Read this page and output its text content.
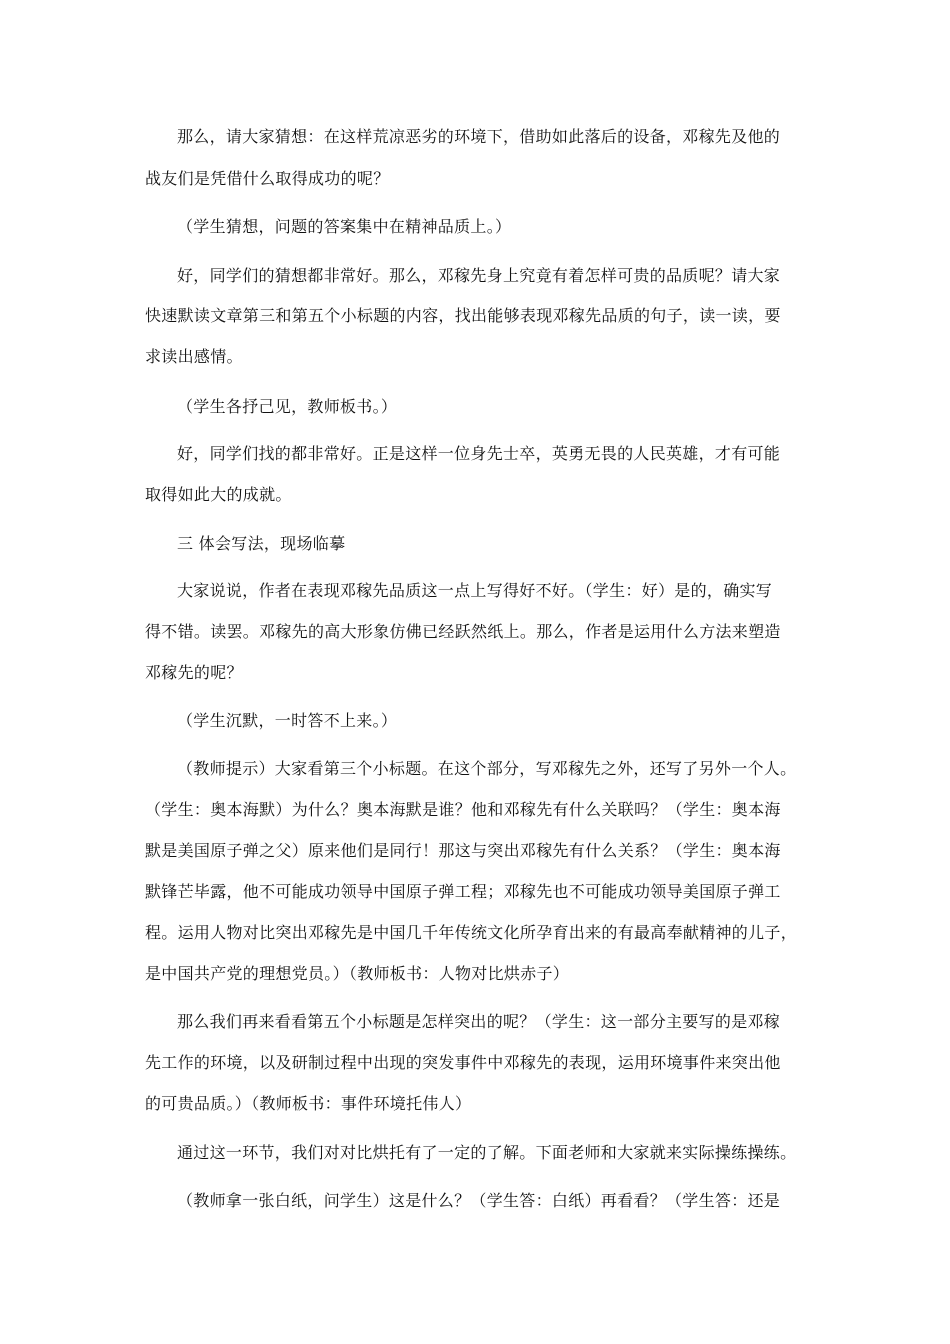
那么，请大家猜想：在这样荒凉恶劣的环境下，借助如此落后的设备，邓稼先及他的
战友们是凭借什么取得成功的呢？
（学生猜想，问题的答案集中在精神品质上。）
好，同学们的猜想都非常好。那么，邓稼先身上究竟有着怎样可贵的品质呢？请大家
快速默读文章第三和第五个小标题的内容，找出能够表现邓稼先品质的句子，读一读，要
求读出感情。
（学生各抒己见，教师板书。）
好，同学们找的都非常好。正是这样一位身先士卒，英勇无畏的人民英雄，才有可能
取得如此大的成就。
三 体会写法，现场临摹
大家说说，作者在表现邓稼先品质这一点上写得好不好。（学生：好）是的，确实写
得不错。读罢。邓稼先的高大形象仿佛已经跃然纸上。那么，作者是运用什么方法来塑造
邓稼先的呢？
（学生沉默，一时答不上来。）
（教师提示）大家看第三个小标题。在这个部分，写邓稼先之外，还写了另外一个人。
（学生：奥本海默）为什么？奥本海默是谁？他和邓稼先有什么关联吗？（学生：奥本海
默是美国原子弹之父）原来他们是同行！那这与突出邓稼先有什么关系？（学生：奥本海
默锋芒毕露，他不可能成功领导中国原子弹工程；邓稼先也不可能成功领导美国原子弹工
程。运用人物对比突出邓稼先是中国几千年传统文化所孕育出来的有最高奉献精神的儿子，
是中国共产党的理想党员。）（教师板书：人物对比烘赤子）
那么我们再来看看第五个小标题是怎样突出的呢？（学生：这一部分主要写的是邓稼
先工作的环境，以及研制过程中出现的突发事件中邓稼先的表现，运用环境事件来突出他
的可贵品质。）（教师板书：事件环境托伟人）
通过这一环节，我们对对比烘托有了一定的了解。下面老师和大家就来实际操练操练。
（教师拿一张白纸，问学生）这是什么？（学生答：白纸）再看看？（学生答：还是
